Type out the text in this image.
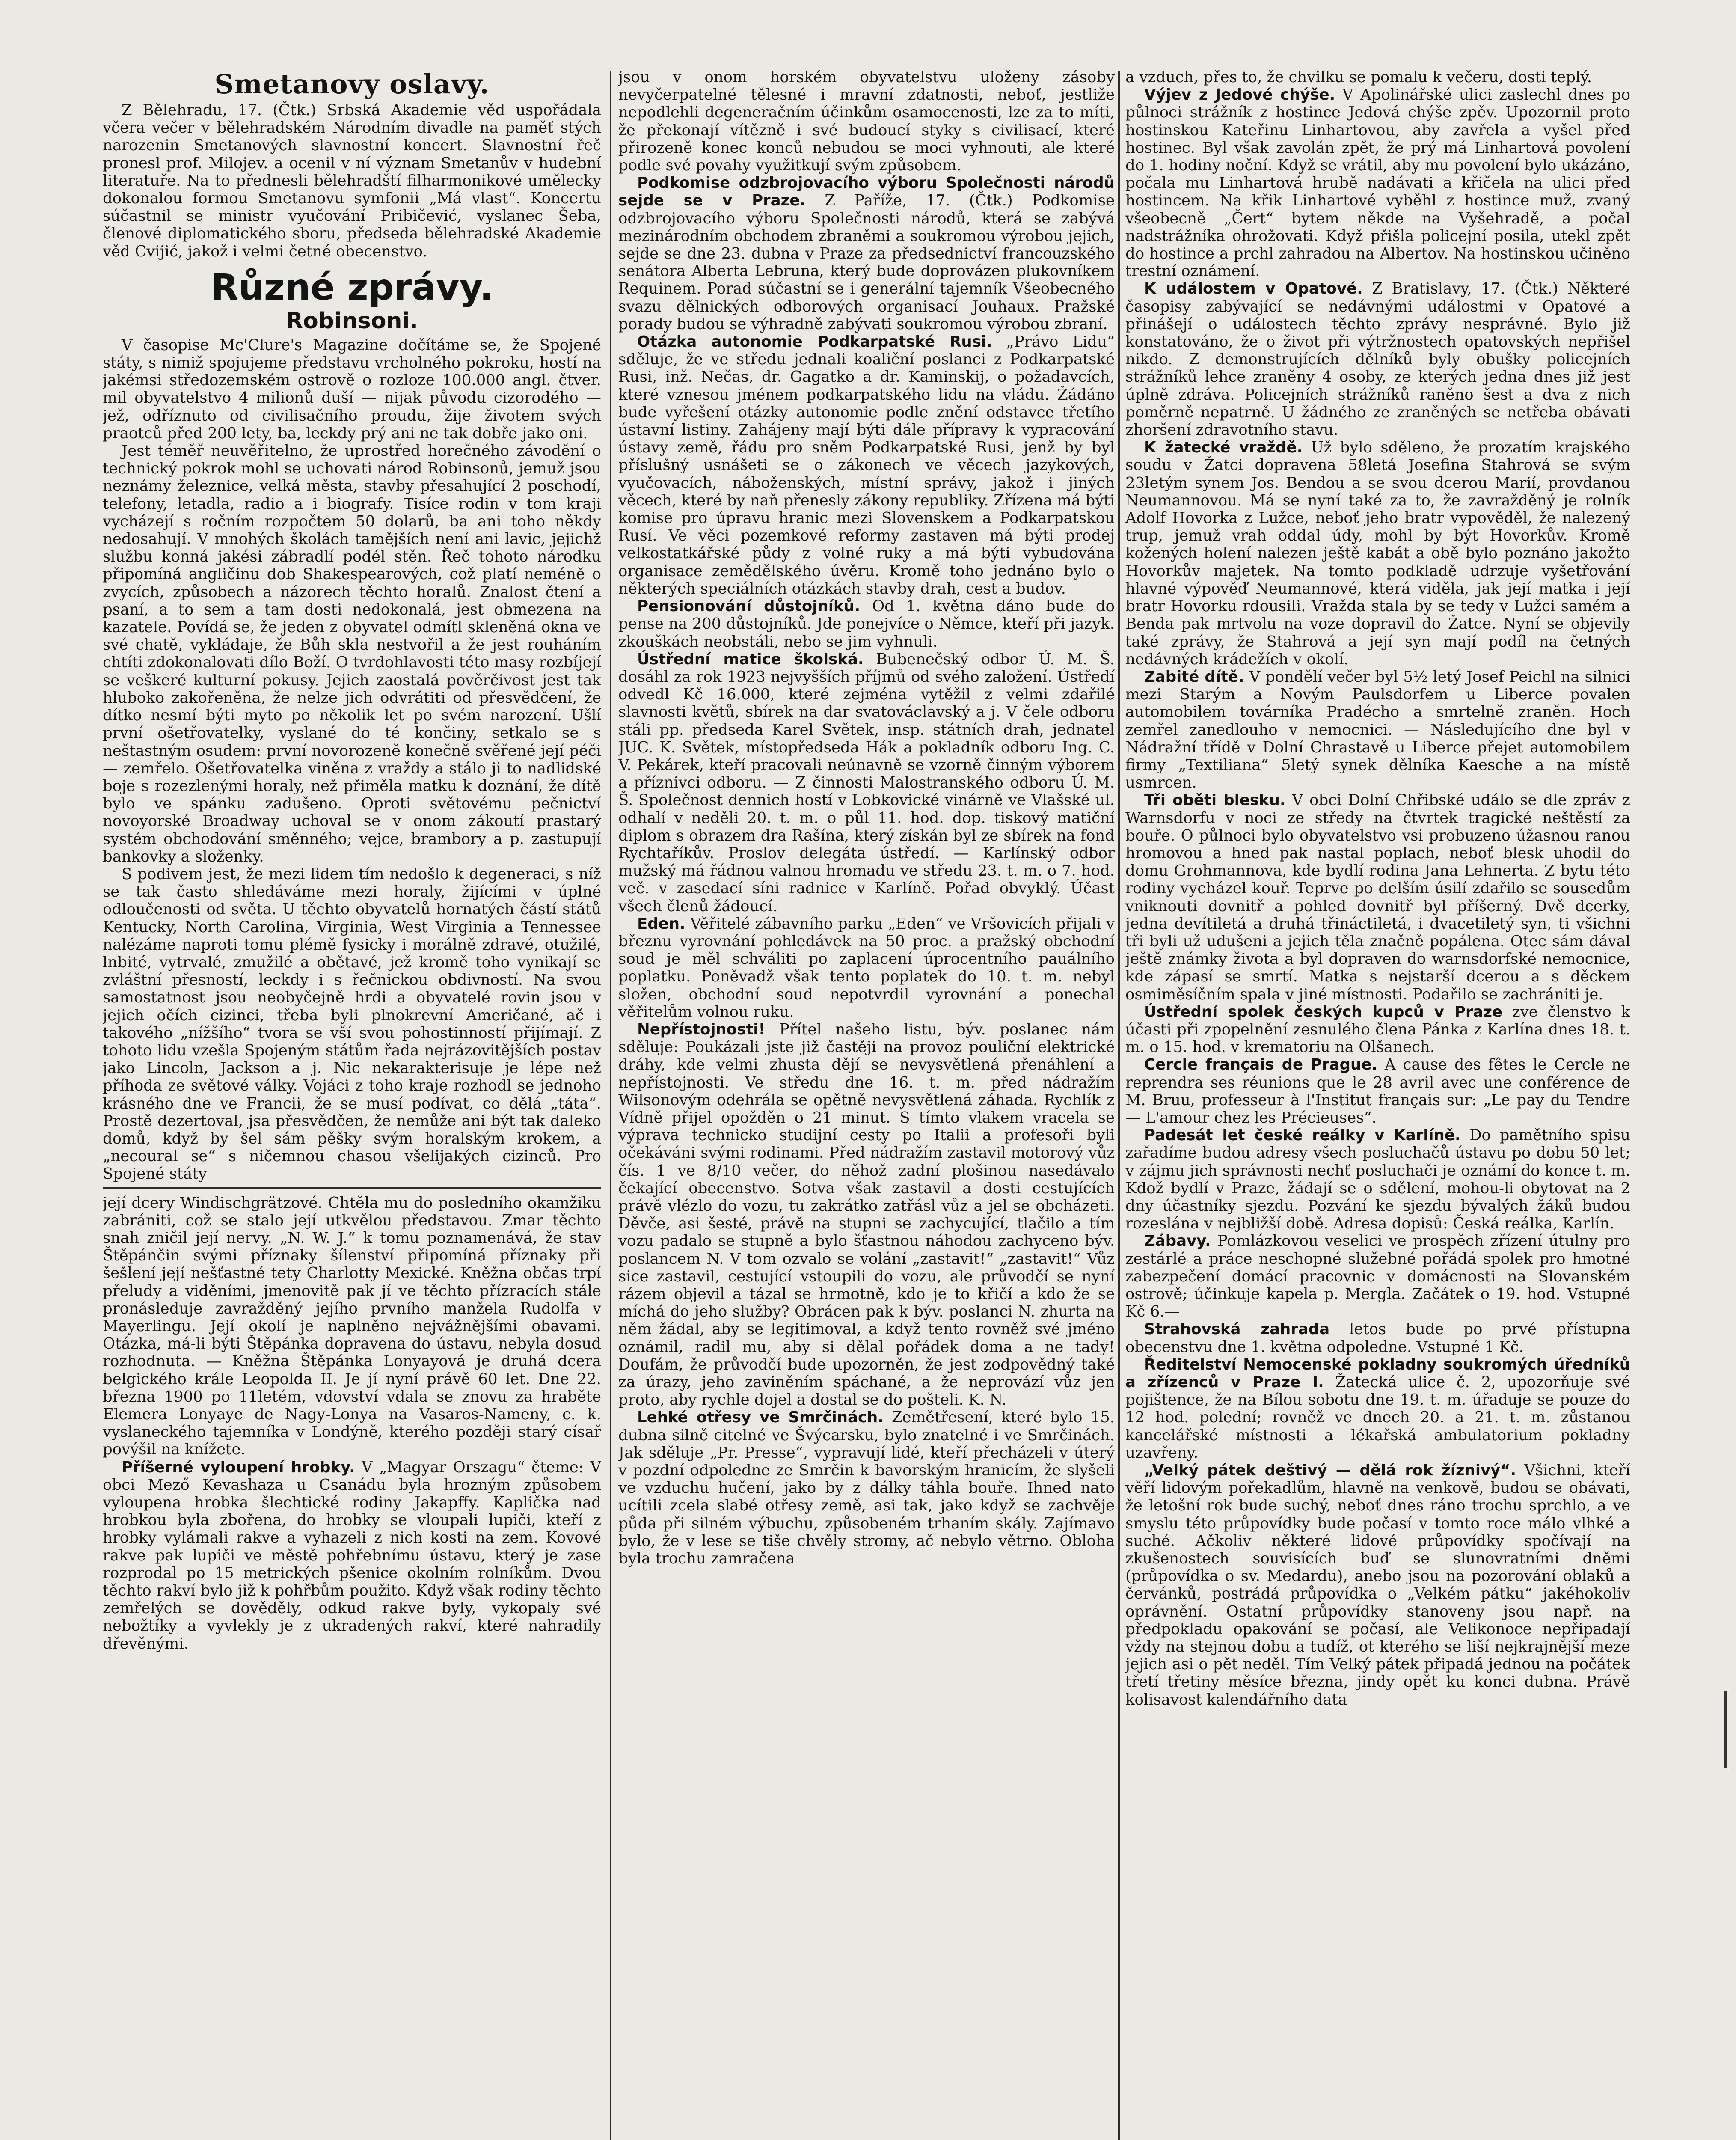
Smetanovy oslavy.

Z Bělehradu, 17. (Čtk.) Srbská Akademie věd uspořádala včera večer v bělehradském Národním divadle na paměť stých narozenin Smetanových slavnostní koncert. Slavnostní řeč pronesl prof. Milojev. a ocenil v ní význam Smetanův v hudební literatuře. Na to přednesli bělehradští filharmonikové umělecky dokonalou formou Smetanovu symfonii „Má vlast“. Koncertu súčastnil se ministr vyučování Pribičević, vyslanec Šeba, členové diplomatického sboru, předseda bělehradské Akademie věd Cvijić, jakož i velmi četné obecenstvo.

Různé zprávy.
Robinsoni.

V časopise Mc'Clure's Magazine dočítáme se, že Spojené státy, s nimiž spojujeme představu vrcholného pokroku, hostí na jakémsi středozemském ostrově o rozloze 100.000 angl. čtver. mil obyvatelstvo 4 milionů duší — nijak původu cizorodého — jež, odříznuto od civilisačního proudu, žije životem svých praotců před 200 lety, ba, leckdy prý ani ne tak dobře jako oni.

Jest téměř neuvěřitelno, že uprostřed horečného závodění o technický pokrok mohl se uchovati národ Robinsonů, jemuž jsou neznámy železnice, velká města, stavby přesahující 2 poschodí, telefony, letadla, radio a i biografy. Tisíce rodin v tom kraji vycházejí s ročním rozpočtem 50 dolarů, ba ani toho někdy nedosahují. V mnohých školách tamějších není ani lavic, jejichž službu konná jakési zábradlí podél stěn. Řeč tohoto národku připomíná angličinu dob Shakespearových, což platí neméně o zvycích, způsobech a názorech těchto horalů. Znalost čtení a psaní, a to sem a tam dosti nedokonalá, jest obmezena na kazatele. Povídá se, že jeden z obyvatel odmítl skleněná okna ve své chatě, vykládaje, že Bůh skla nestvořil a že jest rouháním chtíti zdokonalovati dílo Boží. O tvrdohlavosti této masy rozbíjejí se veškeré kulturní pokusy. Jejich zaostalá pověrčivost jest tak hluboko zakořeněna, že nelze jich odvrátiti od přesvědčení, že dítko nesmí býti myto po několik let po svém narození. Ušlí první ošetřovatelky, vyslané do té končiny, setkalo se s neštastným osudem: první novorozeně konečně svěřené její péči — zemřelo. Ošetřovatelka viněna z vraždy a stálo ji to nadlidské boje s rozezlenými horaly, než přiměla matku k doznání, že dítě bylo ve spánku zadušeno. Oproti světovému pečnictví novoyorské Broadway uchoval se v onom zákoutí prastarý systém obchodování směnného; vejce, brambory a p. zastupují bankovky a složenky.

S podivem jest, že mezi lidem tím nedošlo k degeneraci, s níž se tak často shledáváme mezi horaly, žijícími v úplné odloučenosti od světa. U těchto obyvatelů hornatých částí států Kentucky, North Carolina, Virginia, West Virginia a Tennessee nalézáme naproti tomu plémě fysicky i morálně zdravé, otužilé, lnbité, vytrvalé, zmužilé a obětavé, jež kromě toho vynikají se zvláštní přesností, leckdy i s řečnickou obdivností. Na svou samostatnost jsou neobyčejně hrdi a obyvatelé rovin jsou v jejich očích cizinci, třeba byli plnokrevní Američané, ač i takového „nížšího“ tvora se vší svou pohostinností přijímají. Z tohoto lidu vzešla Spojeným státům řada nejrázovitějších postav jako Lincoln, Jackson a j. Nic nekarakterisuje je lépe než příhoda ze světové války. Vojáci z toho kraje rozhodl se jednoho krásného dne ve Francii, že se musí podívat, co dělá „táta“. Prostě dezertoval, jsa přesvědčen, že nemůže ani být tak daleko domů, když by šel sám pěšky svým horalským krokem, a „necoural se“ s ničemnou chasou všelijakých cizinců. Pro Spojené státy

její dcery Windischgrätzové. Chtěla mu do posledního okamžiku zabrániti, což se stalo její utkvělou představou. Zmar těchto snah zničil její nervy. „N. W. J.“ k tomu poznamenává, že stav Štěpánčin svými příznaky šílenství připomíná příznaky při šešlení její nešťastné tety Charlotty Mexické. Kněžna občas trpí přeludy a viděními, jmenovitě pak jí ve těchto přízracích stále pronásleduje zavražděný jejího prvního manžela Rudolfa v Mayerlingu. Její okolí je naplněno nejvážnějšími obavami. Otázka, má-li býti Štěpánka dopravena do ústavu, nebyla dosud rozhodnuta. — Kněžna Štěpánka Lonyayová je druhá dcera belgického krále Leopolda II. Je jí nyní právě 60 let. Dne 22. března 1900 po 11letém, vdovství vdala se znovu za hraběte Elemera Lonyaye de Nagy-Lonya na Vasaros-Nameny, c. k. vyslaneckého tajemníka v Londýně, kterého později starý císař povýšil na knížete.

Příšerné vyloupení hrobky. V „Magyar Orszagu“ čteme: V obci Mező Kevashaza u Csanádu byla hrozným způsobem vyloupena hrobka šlechtické rodiny Jakapffy. Kaplička nad hrobkou byla zbořena, do hrobky se vloupali lupiči, kteří z hrobky vylámali rakve a vyhazeli z nich kosti na zem. Kovové rakve pak lupiči ve městě pohřebnímu ústavu, který je zase rozprodal po 15 metrických pšenice okolním rolníkům. Dvou těchto rakví bylo již k pohřbům použito. Když však rodiny těchto zemřelých se dověděly, odkud rakve byly, vykopaly své nebožtíky a vyvlekly je z ukradených rakví, které nahradily dřevěnými.

jsou v onom horském obyvatelstvu uloženy zásoby nevyčerpatelné tělesné i mravní zdatnosti, neboť, jestliže nepodlehli degeneračním účinkům osamocenosti, lze za to míti, že překonají vítězně i své budoucí styky s civilisací, které přirozeně konec konců nebudou se moci vyhnouti, ale které podle své povahy využitkují svým způsobem.

Podkomise odzbrojovacího výboru Společnosti národů sejde se v Praze. Z Paříže, 17. (Čtk.) Podkomise odzbrojovacího výboru Společnosti národů, která se zabývá mezinárodním obchodem zbraněmi a soukromou výrobou jejich, sejde se dne 23. dubna v Praze za předsednictví francouzského senátora Alberta Lebruna, který bude doprovázen plukovníkem Requinem. Porad súčastní se i generální tajemník Všeobecného svazu dělnických odborových organisací Jouhaux. Pražské porady budou se výhradně zabývati soukromou výrobou zbraní.

Otázka autonomie Podkarpatské Rusi. „Právo Lidu“ sděluje, že ve středu jednali koaliční poslanci z Podkarpatské Rusi, inž. Nečas, dr. Gagatko a dr. Kaminskij, o požadavcích, které vznesou jménem podkarpatského lidu na vládu. Žádáno bude vyřešení otázky autonomie podle znění odstavce třetího ústavní listiny. Zahájeny mají býti dále přípravy k vypracování ústavy země, řádu pro sněm Podkarpatské Rusi, jenž by byl příslušný usnášeti se o zákonech ve věcech jazykových, vyučovacích, náboženských, místní správy, jakož i jiných věcech, které by naň přenesly zákony republiky. Zřízena má býti komise pro úpravu hranic mezi Slovenskem a Podkarpatskou Rusí. Ve věci pozemkové reformy zastaven má býti prodej velkostatkářské půdy z volné ruky a má býti vybudována organisace zemědělského úvěru. Kromě toho jednáno bylo o některých speciálních otázkách stavby drah, cest a budov.

Pensionování důstojníků. Od 1. května dáno bude do pense na 200 důstojníků. Jde ponejvíce o Němce, kteří při jazyk. zkouškách neobstáli, nebo se jim vyhnuli.

Ústřední matice školská. Bubenečský odbor Ú. M. Š. dosáhl za rok 1923 nejvyšších příjmů od svého založení. Ústředí odvedl Kč 16.000, které zejména vytěžil z velmi zdařilé slavnosti květů, sbírek na dar svatováclavský a j. V čele odboru stáli pp. předseda Karel Světek, insp. státních drah, jednatel JUC. K. Světek, místopředseda Hák a pokladník odboru Ing. C. V. Pekárek, kteří pracovali neúnavně se vzorně činným výborem a příznivci odboru. — Z činnosti Malostranského odboru Ú. M. Š. Společnost dennich hostí v Lobkovické vinárně ve Vlašské ul. odhalí v neděli 20. t. m. o půl 11. hod. dop. tiskový matiční diplom s obrazem dra Rašína, který získán byl ze sbírek na fond Rychtaříkův. Proslov delegáta ústředí. — Karlínský odbor mužský má řádnou valnou hromadu ve středu 23. t. m. o 7. hod. več. v zasedací síni radnice v Karlíně. Pořad obvyklý. Účast všech členů žádoucí.

Eden. Věřitelé zábavního parku „Eden“ ve Vršovicích přijali v březnu vyrovnání pohledávek na 50 proc. a pražský obchodní soud je měl schváliti po zaplacení úprocentního pauálního poplatku. Poněvadž však tento poplatek do 10. t. m. nebyl složen, obchodní soud nepotvrdil vyrovnání a ponechal věřitelům volnou ruku.

Nepřístojnosti! Přítel našeho listu, býv. poslanec nám sděluje: Poukázali jste již častěji na provoz pouliční elektrické dráhy, kde velmi zhusta dějí se nevysvětlená přenáhlení a nepřístojnosti. Ve středu dne 16. t. m. před nádražím Wilsonovým odehrála se opětně nevysvětlená záhada. Rychlík z Vídně přijel opožděn o 21 minut. S tímto vlakem vracela se výprava technicko studijní cesty po Italii a profesoři byli očekáváni svými rodinami. Před nádražím zastavil motorový vůz čís. 1 ve 8/10 večer, do něhož zadní plošinou nasedávalo čekající obecenstvo. Sotva však zastavil a dosti cestujících právě vlézlo do vozu, tu zakrátko zatřásl vůz a jel se obcházeti. Děvče, asi šesté, právě na stupni se zachycující, tlačilo a tím vozu padalo se stupně a bylo šťastnou náhodou zachyceno býv. poslancem N. V tom ozvalo se volání „zastavit!“ „zastavit!“ Vůz sice zastavil, cestující vstoupili do vozu, ale průvodčí se nyní rázem objevil a tázal se hrmotně, kdo je to křičí a kdo že se míchá do jeho služby? Obrácen pak k býv. poslanci N. zhurta na něm žádal, aby se legitimoval, a když tento rovněž své jméno oznámil, radil mu, aby si dělal pořádek doma a ne tady! Doufám, že průvodčí bude upozorněn, že jest zodpovědný také za úrazy, jeho zaviněním spáchané, a že neprovází vůz jen proto, aby rychle dojel a dostal se do pošteli. K. N.

Lehké otřesy ve Smrčinách. Zemětřesení, které bylo 15. dubna silně citelné ve Švýcarsku, bylo znatelné i ve Smrčinách. Jak sděluje „Pr. Presse“, vypravují lidé, kteří přecházeli v úterý v pozdní odpoledne ze Smrčin k bavorským hranicím, že slyšeli ve vzduchu hučení, jako by z dálky táhla bouře. Ihned nato ucítili zcela slabé otřesy země, asi tak, jako když se zachvěje půda při silném výbuchu, způsobeném trhaním skály. Zajímavo bylo, že v lese se tiše chvěly stromy, ač nebylo větrno. Obloha byla trochu zamračena

a vzduch, přes to, že chvilku se pomalu k večeru, dosti teplý.

Výjev z Jedové chýše. V Apolinářské ulici zaslechl dnes po půlnoci strážník z hostince Jedová chýše zpěv. Upozornil proto hostinskou Kateřinu Linhartovou, aby zavřela a vyšel před hostinec. Byl však zavolán zpět, že prý má Linhartová povolení do 1. hodiny noční. Když se vrátil, aby mu povolení bylo ukázáno, počala mu Linhartová hrubě nadávati a křičela na ulici před hostincem. Na křik Linhartové vyběhl z hostince muž, zvaný všeobecně „Čert“ bytem někde na Vyšehradě, a počal nadstrážníka ohrožovati. Když přišla policejní posila, utekl zpět do hostince a prchl zahradou na Albertov. Na hostinskou učiněno trestní oznámení.

K událostem v Opatové. Z Bratislavy, 17. (Čtk.) Některé časopisy zabývající se nedávnými událostmi v Opatové a přinášejí o událostech těchto zprávy nesprávné. Bylo již konstatováno, že o život při výtržnostech opatovských nepřišel nikdo. Z demonstrujících dělníků byly obušky policejních strážníků lehce zraněny 4 osoby, ze kterých jedna dnes již jest úplně zdráva. Policejních strážníků raněno šest a dva z nich poměrně nepatrně. U žádného ze zraněných se netřeba obávati zhoršení zdravotního stavu.

K žatecké vraždě. Už bylo sdělenо, že prozatím krajského soudu v Žatci dopravena 58letá Josefina Stahrová se svým 23letým synem Jos. Bendou a se svou dcerou Marií, provdanou Neumannovou. Má se nyní také za to, že zavražděný je rolník Adolf Hovorka z Lužce, neboť jeho bratr vypověděl, že nalezený trup, jemuž vrah oddal údy, mohl by být Hovorkův. Kromě kožených holení nalezen ještě kabát a obě bylo poznáno jakožto Hovorkův majetek. Na tomto podkladě udrzuje vyšetřování hlavné výpověď Neumannové, která viděla, jak její matka i její bratr Hovorku rdousili. Vražda stala by se tedy v Lužci samém a Benda pak mrtvolu na voze dopravil do Žatce. Nyní se objevily také zprávy, že Stahrová a její syn mají podíl na četných nedávných krádežích v okolí.

Zabité dítě. V pondělí večer byl 5½ letý Josef Peichl na silnici mezi Starým a Novým Paulsdorfem u Liberce povalen automobilem továrníka Pradécho a smrtelně zraněn. Hoch zemřel zanedlouho v nemocnici. — Následujícího dne byl v Nádražní třídě v Dolní Chrastavě u Liberce přejet automobilem firmy „Textiliana“ 5letý synek dělníka Kaesche a na místě usmrcen.

Tři oběti blesku. V obci Dolní Chřibské událo se dle zpráv z Warnsdorfu v noci ze středy na čtvrtek tragické neštěstí za bouře. O půlnoci bylo obyvatelstvo vsi probuzeno úžasnou ranou hromovou a hned pak nastal poplach, neboť blesk uhodil do domu Grohmannova, kde bydlí rodina Jana Lehnerta. Z bytu této rodiny vycházel kouř. Teprve po delším úsilí zdařilo se sousedům vniknouti dovnitř a pohled dovnitř byl příšerný. Dvě dcerky, jedna devítiletá a druhá třináctiletá, i dvacetiletý syn, ti všichni tři byli už udušeni a jejich těla značně popálena. Otec sám dával ještě známky života a byl dopraven do warnsdorfské nemocnice, kde zápasí se smrtí. Matka s nejstarší dcerou a s děckem osmiměsíčním spala v jiné místnosti. Podařilo se zachrániti je.

Ústřední spolek českých kupců v Praze zve členstvo k účasti při zpopelnění zesnulého člena Pánka z Karlína dnes 18. t. m. o 15. hod. v krematoriu na Olšanech.

Cercle français de Prague. A cause des fêtes le Cercle ne reprendra ses réunions que le 28 avril avec une conférence de M. Bruu, professeur à l'Institut français sur: „Le pay du Tendre — L'amour chez les Précieuses“.

Padesát let české reálky v Karlíně. Do pamětního spisu zařadíme budou adresy všech posluchačů ústavu po dobu 50 let; v zájmu jich správnosti nechť posluchači je oznámí do konce t. m. Kdož bydlí v Praze, žádají se o sdělení, mohou-li obytovat na 2 dny účastníky sjezdu. Pozvání ke sjezdu bývalých žáků budou rozeslána v nejbližší době. Adresa dopisů: Česká reálka, Karlín.

Zábavy. Pomlázkovou veselici ve prospěch zřízení útulny pro zestárlé a práce neschopné služebné pořádá spolek pro hmotné zabezpečení domácí pracovnic v domácnosti na Slovanském ostrově; účinkuje kapela p. Mergla. Začátek o 19. hod. Vstupné Kč 6.—

Strahovská zahrada letos bude po prvé přístupna obecenstvu dne 1. května odpoledne. Vstupné 1 Kč.

Ředitelství Nemocenské pokladny soukromých úředníků a zřízenců v Praze I. Žatecká ulice č. 2, upozorňuje své pojištence, že na Bílou sobotu dne 19. t. m. úřaduje se pouze do 12 hod. polední; rovněž ve dnech 20. a 21. t. m. zůstanou kancelářské místnosti a lékařská ambulatorium pokladny uzavřeny.

„Velký pátek deštivý — dělá rok žíznivý“. Všichni, kteří věří lidovým pořekadlům, hlavně na venkově, budou se obávati, že letošní rok bude suchý, neboť dnes ráno trochu sprchlo, a ve smyslu této průpovídky bude počasí v tomto roce málo vlhké a suché. Ačkoliv některé lidové průpovídky spočívají na zkušenostech souvisících buď se slunovratními dněmi (průpovídka o sv. Medardu), anebo jsou na pozorování oblaků a červánků, postrádá průpovídka o „Velkém pátku“ jakéhokoliv oprávnění. Ostatní průpovídky stanoveny jsou např. na předpokladu opakování se počasí, ale Velikonoce nepřipadají vždy na stejnou dobu a tudíž, ot kterého se liší nejkrajnější meze jejich asi o pět neděl. Tím Velký pátek připadá jednou na počátek třetí třetiny měsíce března, jindy opět ku konci dubna. Právě kolisavost kalendářního data
